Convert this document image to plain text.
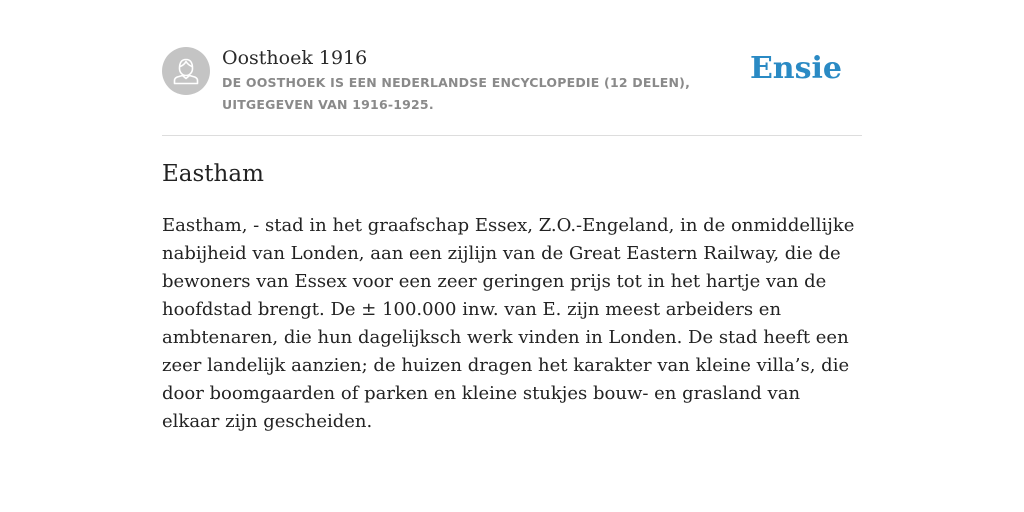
Oosthoek 1916
DE OOSTHOEK IS EEN NEDERLANDSE ENCYCLOPEDIE (12 DELEN), UITGEGEVEN VAN 1916-1925.
Ensie
Eastham

Eastham, - stad in het graafschap Essex, Z.O.-Engeland, in de onmiddellijke nabijheid van Londen, aan een zijlijn van de Great Eastern Railway, die de bewoners van Essex voor een zeer geringen prijs tot in het hartje van de hoofdstad brengt. De ± 100.000 inw. van E. zijn meest arbeiders en ambtenaren, die hun dagelijksch werk vinden in Londen. De stad heeft een zeer landelijk aanzien; de huizen dragen het karakter van kleine villa’s, die door boomgaarden of parken en kleine stukjes bouw- en grasland van elkaar zijn gescheiden.
